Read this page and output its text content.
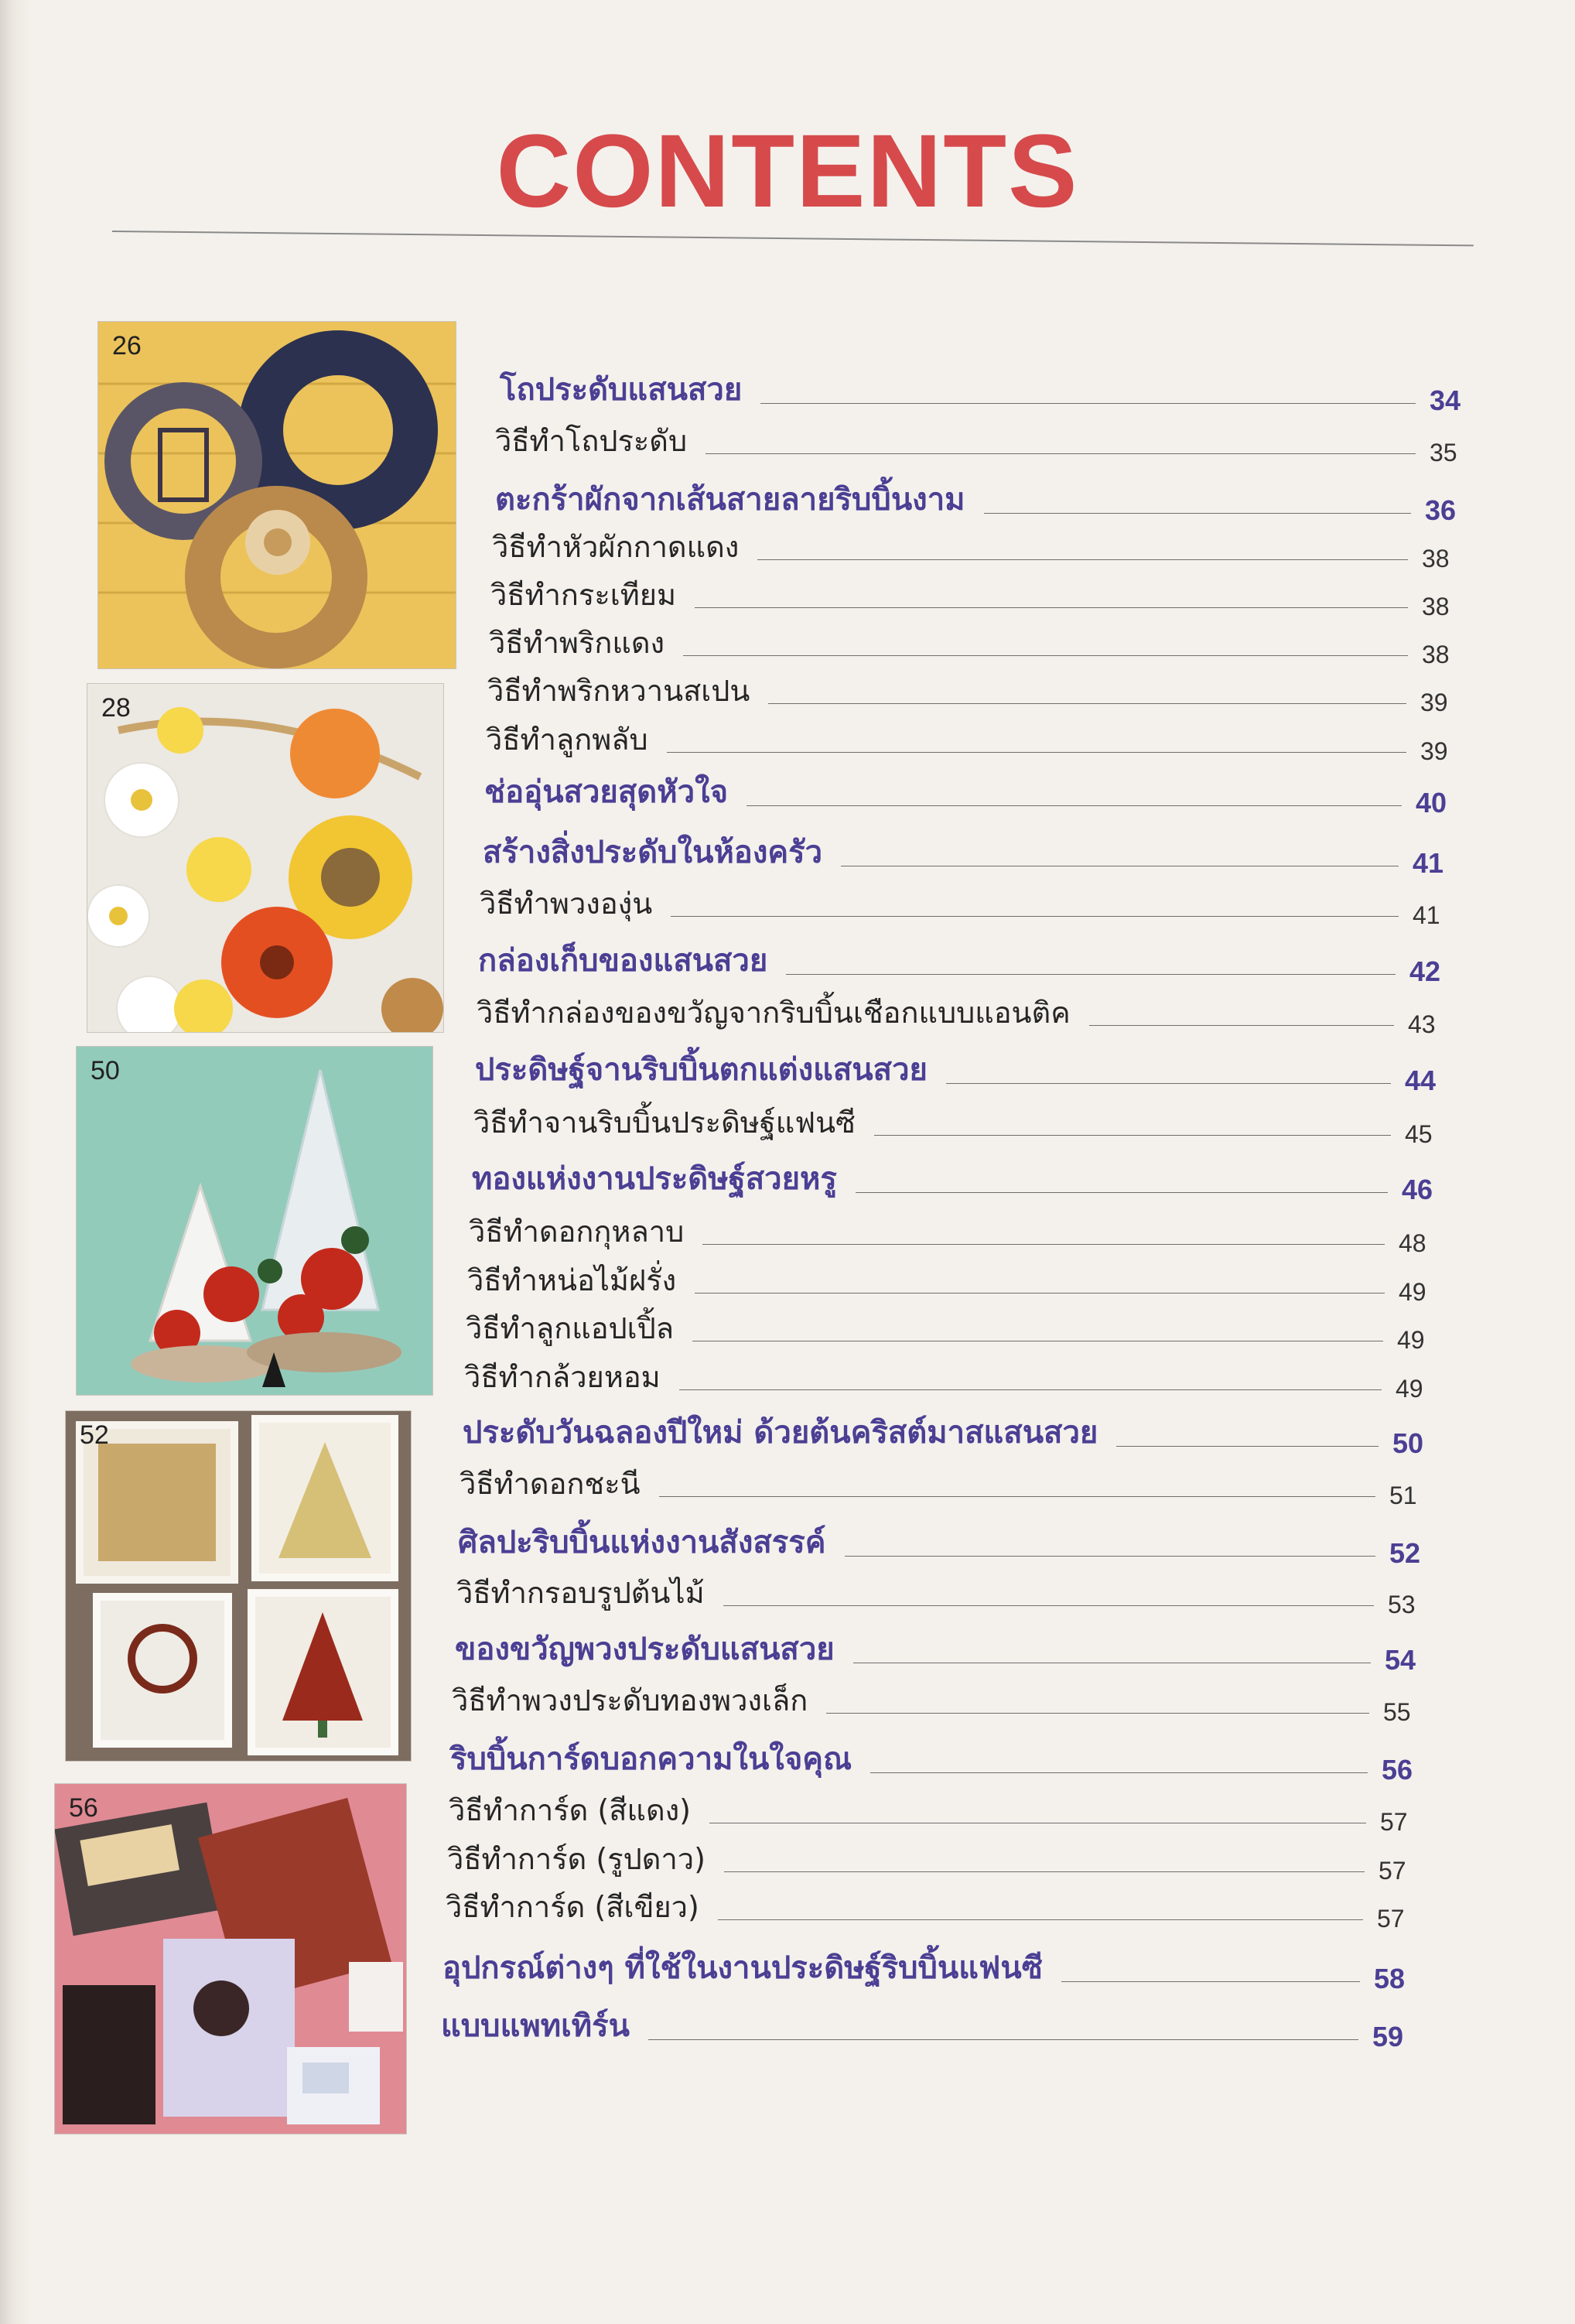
CONTENTS
26
28
50
52
56
โถประดับแสนสวย	34
วิธีทำโถประดับ	35
ตะกร้าผักจากเส้นสายลายริบบิ้นงาม	36
วิธีทำหัวผักกาดแดง	38
วิธีทำกระเทียม	38
วิธีทำพริกแดง	38
วิธีทำพริกหวานสเปน	39
วิธีทำลูกพลับ	39
ช่ออุ่นสวยสุดหัวใจ	40
สร้างสิ่งประดับในห้องครัว	41
วิธีทำพวงองุ่น	41
กล่องเก็บของแสนสวย	42
วิธีทำกล่องของขวัญจากริบบิ้นเชือกแบบแอนติค	43
ประดิษฐ์จานริบบิ้นตกแต่งแสนสวย	44
วิธีทำจานริบบิ้นประดิษฐ์แฟนซี	45
ทองแห่งงานประดิษฐ์สวยหรู	46
วิธีทำดอกกุหลาบ	48
วิธีทำหน่อไม้ฝรั่ง	49
วิธีทำลูกแอปเปิ้ล	49
วิธีทำกล้วยหอม	49
ประดับวันฉลองปีใหม่ ด้วยต้นคริสต์มาสแสนสวย	50
วิธีทำดอกชะนี	51
ศิลปะริบบิ้นแห่งงานสังสรรค์	52
วิธีทำกรอบรูปต้นไม้	53
ของขวัญพวงประดับแสนสวย	54
วิธีทำพวงประดับทองพวงเล็ก	55
ริบบิ้นการ์ดบอกความในใจคุณ	56
วิธีทำการ์ด (สีแดง)	57
วิธีทำการ์ด (รูปดาว)	57
วิธีทำการ์ด (สีเขียว)	57
อุปกรณ์ต่างๆ ที่ใช้ในงานประดิษฐ์ริบบิ้นแฟนซี	58
แบบแพทเทิร์น	59
